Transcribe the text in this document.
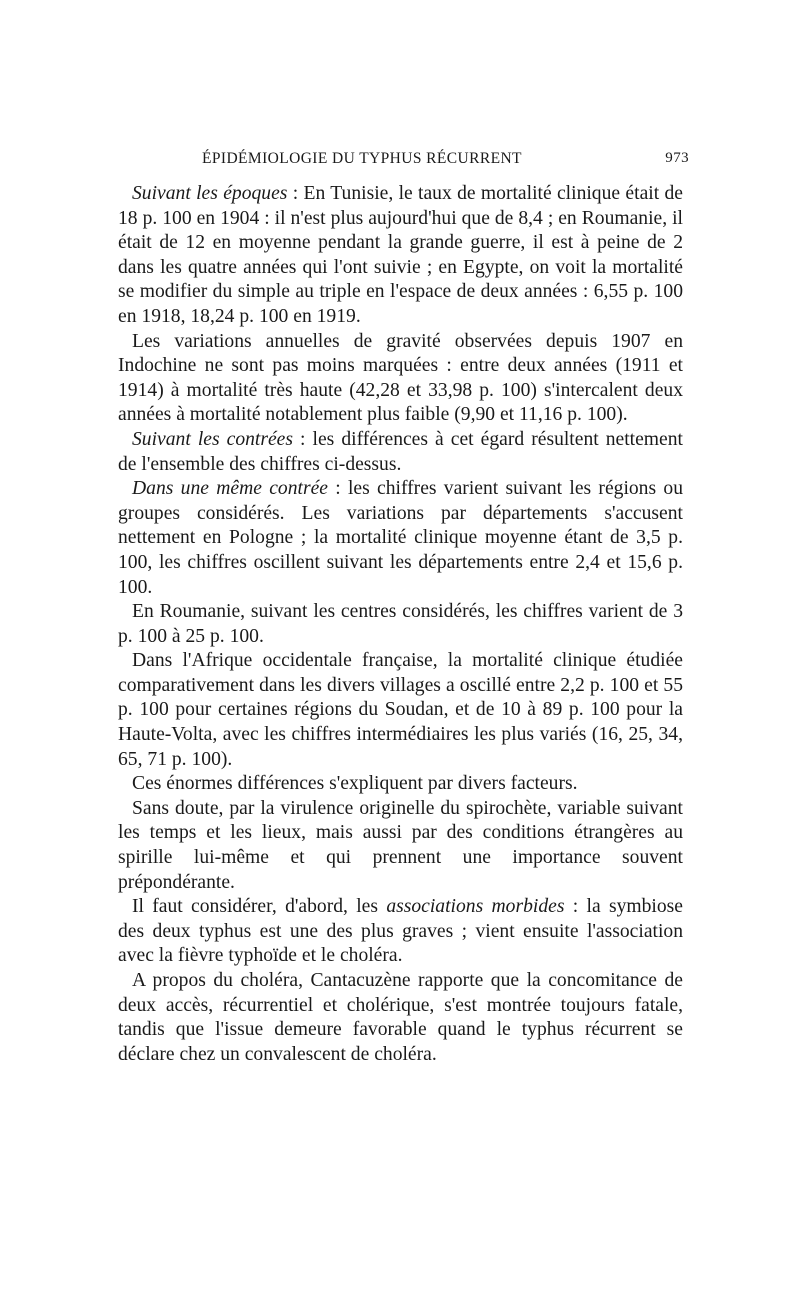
ÉPIDÉMIOLOGIE DU TYPHUS RÉCURRENT	973

Suivant les époques : En Tunisie, le taux de mortalité clinique était de 18 p. 100 en 1904 : il n'est plus aujourd'hui que de 8,4 ; en Roumanie, il était de 12 en moyenne pendant la grande guerre, il est à peine de 2 dans les quatre années qui l'ont suivie ; en Egypte, on voit la mortalité se modifier du simple au triple en l'espace de deux années : 6,55 p. 100 en 1918, 18,24 p. 100 en 1919.

Les variations annuelles de gravité observées depuis 1907 en Indochine ne sont pas moins marquées : entre deux années (1911 et 1914) à mortalité très haute (42,28 et 33,98 p. 100) s'intercalent deux années à mortalité notablement plus faible (9,90 et 11,16 p. 100).

Suivant les contrées : les différences à cet égard résultent nettement de l'ensemble des chiffres ci-dessus.

Dans une même contrée : les chiffres varient suivant les régions ou groupes considérés. Les variations par départements s'accusent nettement en Pologne ; la mortalité clinique moyenne étant de 3,5 p. 100, les chiffres oscillent suivant les départements entre 2,4 et 15,6 p. 100.

En Roumanie, suivant les centres considérés, les chiffres varient de 3 p. 100 à 25 p. 100.

Dans l'Afrique occidentale française, la mortalité clinique étudiée comparativement dans les divers villages a oscillé entre 2,2 p. 100 et 55 p. 100 pour certaines régions du Soudan, et de 10 à 89 p. 100 pour la Haute-Volta, avec les chiffres intermédiaires les plus variés (16, 25, 34, 65, 71 p. 100).

Ces énormes différences s'expliquent par divers facteurs.

Sans doute, par la virulence originelle du spirochète, variable suivant les temps et les lieux, mais aussi par des conditions étrangères au spirille lui-même et qui prennent une importance souvent prépondérante.

Il faut considérer, d'abord, les associations morbides : la symbiose des deux typhus est une des plus graves ; vient ensuite l'association avec la fièvre typhoïde et le choléra.

A propos du choléra, Cantacuzène rapporte que la concomitance de deux accès, récurrentiel et cholérique, s'est montrée toujours fatale, tandis que l'issue demeure favorable quand le typhus récurrent se déclare chez un convalescent de choléra.
